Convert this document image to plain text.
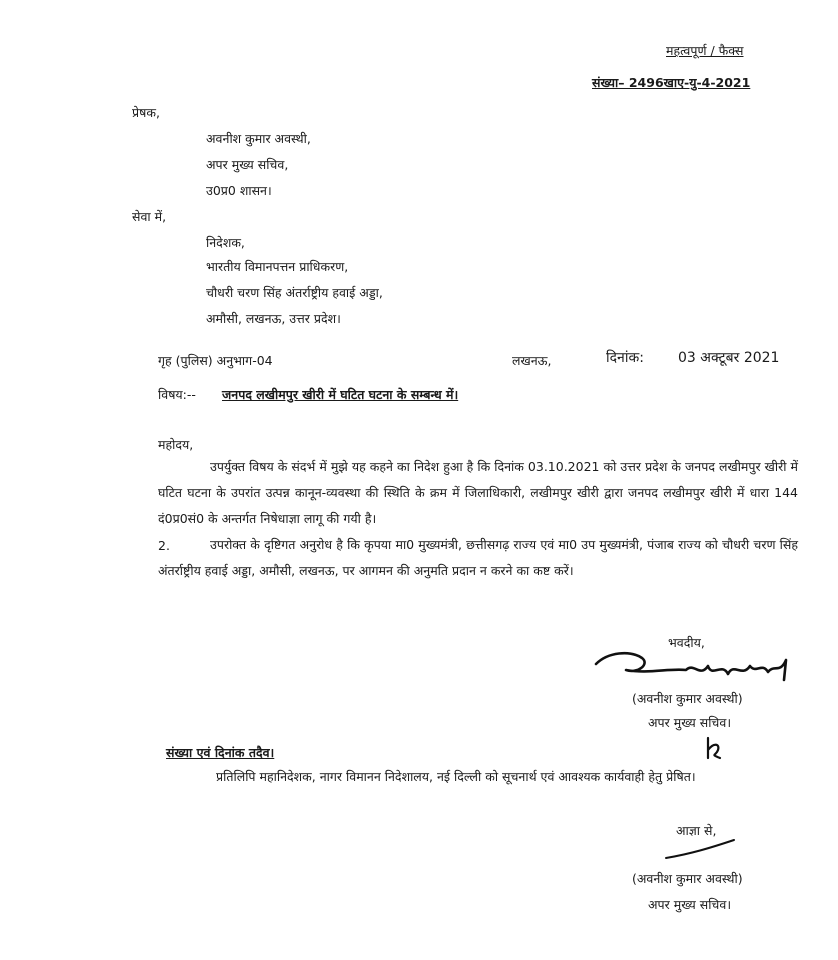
महत्वपूर्ण / फैक्स
संख्या– 2496खाए-यु-4-2021
प्रेषक,
अवनीश कुमार अवस्थी,
अपर मुख्य सचिव,
उ0प्र0 शासन।
सेवा में,
निदेशक,
भारतीय विमानपत्तन प्राधिकरण,
चौधरी चरण सिंह अंतर्राष्ट्रीय हवाई अड्डा,
अमौसी, लखनऊ, उत्तर प्रदेश।
गृह (पुलिस) अनुभाग-04	लखनऊ,	दिनांक: 03 अक्टूबर 2021
विषय:-- जनपद लखीमपुर खीरी में घटित घटना के सम्बन्ध में।
महोदय,
उपर्युक्त विषय के संदर्भ में मुझे यह कहने का निदेश हुआ है कि दिनांक 03.10.2021 को उत्तर प्रदेश के जनपद लखीमपुर खीरी में घटित घटना के उपरांत उत्पन्न कानून-व्यवस्था की स्थिति के क्रम में जिलाधिकारी, लखीमपुर खीरी द्वारा जनपद लखीमपुर खीरी में धारा 144 दं0प्र0सं0 के अन्तर्गत निषेधाज्ञा लागू की गयी है।
2.	उपरोक्त के दृष्टिगत अनुरोध है कि कृपया मा0 मुख्यमंत्री, छत्तीसगढ़ राज्य एवं मा0 उप मुख्यमंत्री, पंजाब राज्य को चौधरी चरण सिंह अंतर्राष्ट्रीय हवाई अड्डा, अमौसी, लखनऊ, पर आगमन की अनुमति प्रदान न करने का कष्ट करें।
भवदीय,
(अवनीश कुमार अवस्थी)
अपर मुख्य सचिव।
संख्या एवं दिनांक तदैव।
प्रतिलिपि महानिदेशक, नागर विमानन निदेशालय, नई दिल्ली को सूचनार्थ एवं आवश्यक कार्यवाही हेतु प्रेषित।
आज्ञा से,
(अवनीश कुमार अवस्थी)
अपर मुख्य सचिव।
